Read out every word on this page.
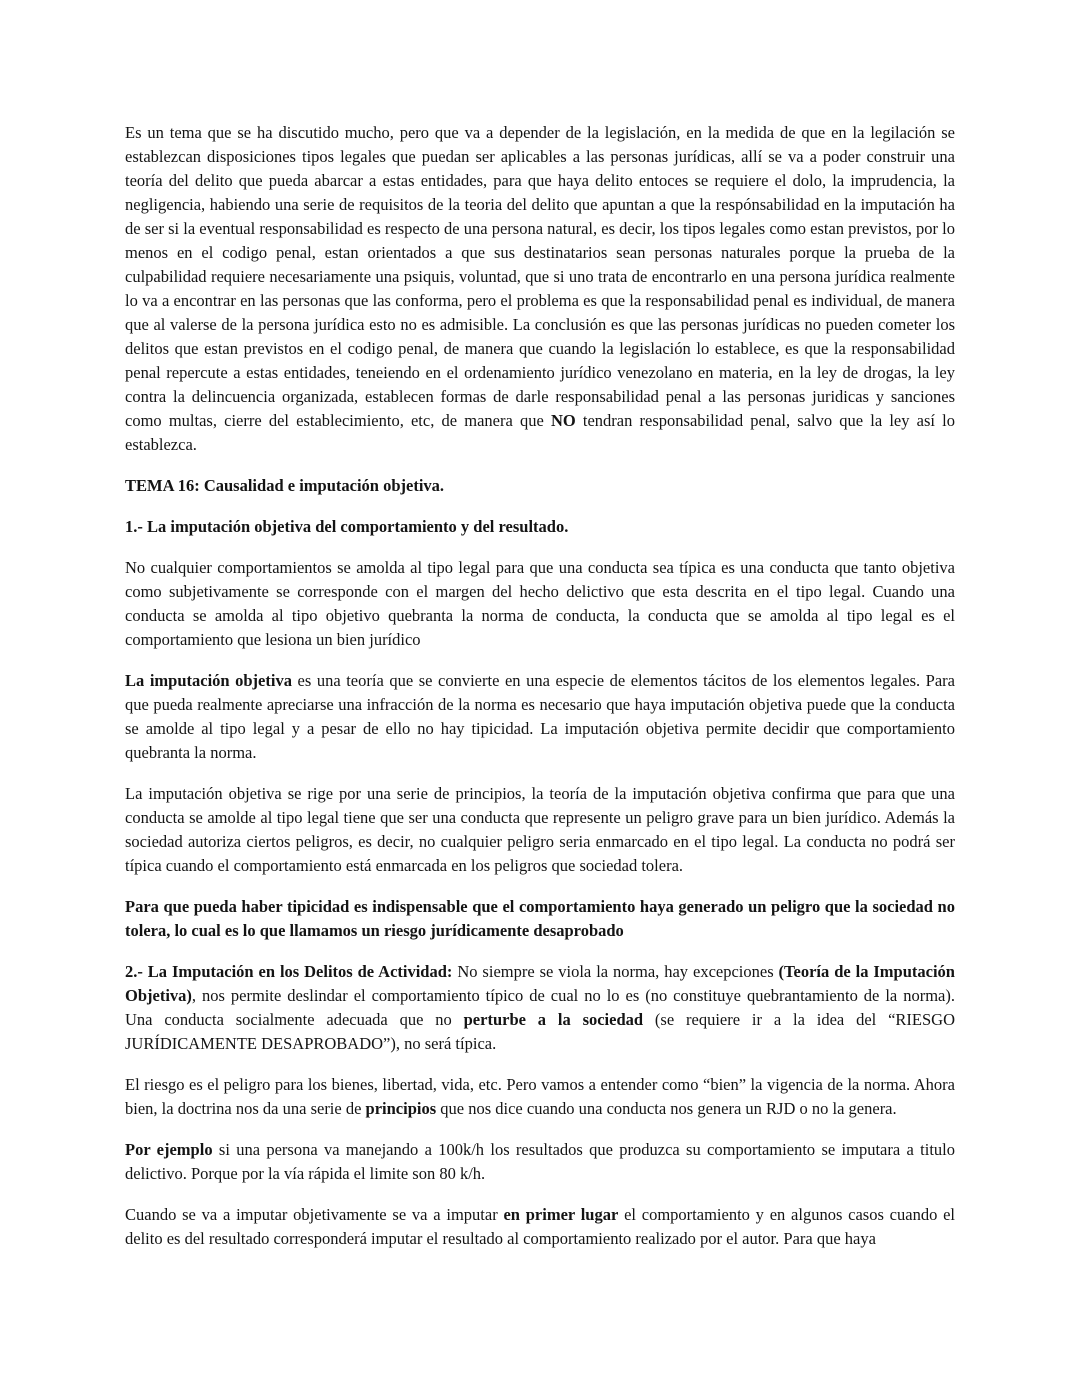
Es un tema que se ha discutido mucho, pero que va a depender de la legislación, en la medida de que en la legilación se establezcan disposiciones tipos legales que puedan ser aplicables a las personas jurídicas, allí se va a poder construir una teoría del delito que pueda abarcar a estas entidades, para que haya delito entoces se requiere el dolo, la imprudencia, la negligencia, habiendo una serie de requisitos de la teoria del delito que apuntan a que la respónsabilidad en la imputación ha de ser si la eventual responsabilidad es respecto de una persona natural, es decir, los tipos legales como estan previstos, por lo menos en el codigo penal, estan orientados a que sus destinatarios sean personas naturales porque la prueba de la culpabilidad requiere necesariamente una psiquis, voluntad, que si uno trata de encontrarlo en una persona jurídica realmente lo va a encontrar en las personas que las conforma, pero el problema es que la responsabilidad penal es individual, de manera que al valerse de la persona jurídica esto no es admisible. La conclusión es que las personas jurídicas no pueden cometer los delitos que estan previstos en el codigo penal, de manera que cuando la legislación lo establece, es que la responsabilidad penal repercute a estas entidades, teneiendo en el ordenamiento jurídico venezolano en materia, en la ley de drogas, la ley contra la delincuencia organizada, establecen formas de darle responsabilidad penal a las personas juridicas y sanciones como multas, cierre del establecimiento, etc, de manera que NO tendran responsabilidad penal, salvo que la ley así lo establezca.

TEMA 16: Causalidad e imputación objetiva.

1.- La imputación objetiva del comportamiento y del resultado.

No cualquier comportamientos se amolda al tipo legal para que una conducta sea típica es una conducta que tanto objetiva como subjetivamente se corresponde con el margen del hecho delictivo que esta descrita en el tipo legal. Cuando una conducta se amolda al tipo objetivo quebranta la norma de conducta, la conducta que se amolda al tipo legal es el comportamiento que lesiona un bien jurídico

La imputación objetiva es una teoría que se convierte en una especie de elementos tácitos de los elementos legales. Para que pueda realmente apreciarse una infracción de la norma es necesario que haya imputación objetiva puede que la conducta se amolde al tipo legal y a pesar de ello no hay tipicidad. La imputación objetiva permite decidir que comportamiento quebranta la norma.

La imputación objetiva se rige por una serie de principios, la teoría de la imputación objetiva confirma que para que una conducta se amolde al tipo legal tiene que ser una conducta que represente un peligro grave para un bien jurídico. Además la sociedad autoriza ciertos peligros, es decir, no cualquier peligro seria enmarcado en el tipo legal. La conducta no podrá ser típica cuando el comportamiento está enmarcada en los peligros que sociedad tolera.

Para que pueda haber tipicidad es indispensable que el comportamiento haya generado un peligro que la sociedad no tolera, lo cual es lo que llamamos un riesgo jurídicamente desaprobado

2.- La Imputación en los Delitos de Actividad: No siempre se viola la norma, hay excepciones (Teoría de la Imputación Objetiva), nos permite deslindar el comportamiento típico de cual no lo es (no constituye quebrantamiento de la norma). Una conducta socialmente adecuada que no perturbe a la sociedad (se requiere ir a la idea del “RIESGO JURÍDICAMENTE DESAPROBADO”), no será típica.

El riesgo es el peligro para los bienes, libertad, vida, etc. Pero vamos a entender como “bien” la vigencia de la norma. Ahora bien, la doctrina nos da una serie de principios que nos dice cuando una conducta nos genera un RJD o no la genera.

Por ejemplo si una persona va manejando a 100k/h los resultados que produzca su comportamiento se imputara a titulo delictivo. Porque por la vía rápida el limite son 80 k/h.

Cuando se va a imputar objetivamente se va a imputar en primer lugar el comportamiento y en algunos casos cuando el delito es del resultado corresponderá imputar el resultado al comportamiento realizado por el autor. Para que haya
